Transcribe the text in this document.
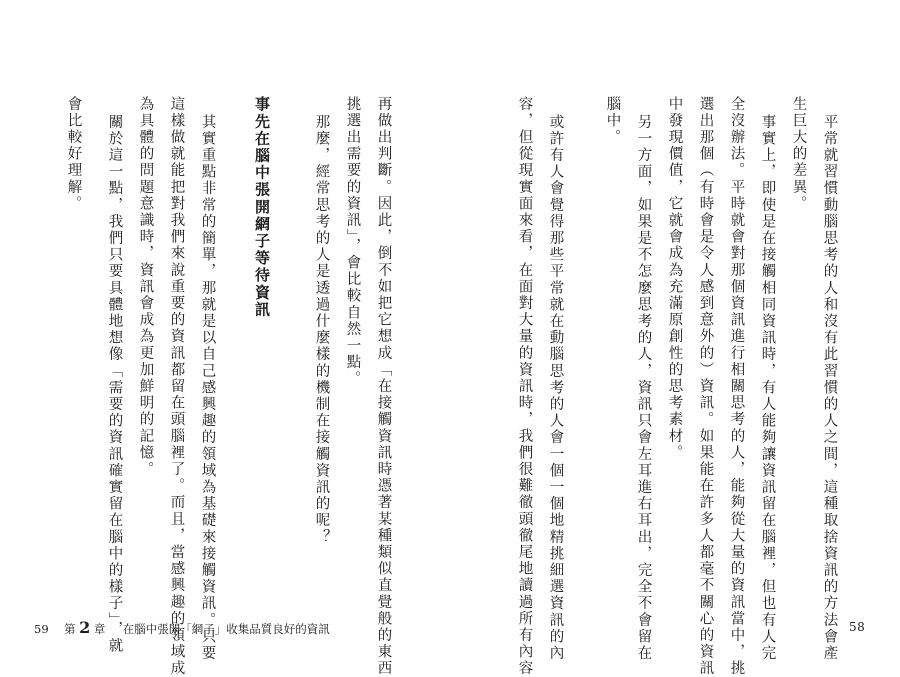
平常就習慣動腦思考的人和沒有此習慣的人之間，這種取捨資訊的方法會產
生巨大的差異。
事實上，即使是在接觸相同資訊時，有人能夠讓資訊留在腦裡，但也有人完
全沒辦法。平時就會對那個資訊進行相關思考的人，能夠從大量的資訊當中，挑
選出那個（有時會是令人感到意外的）資訊。如果能在許多人都毫不關心的資訊
中發現價值，它就會成為充滿原創性的思考素材。
另一方面，如果是不怎麼思考的人，資訊只會左耳進右耳出，完全不會留在
腦中。
或許有人會覺得那些平常就在動腦思考的人會一個一個地精挑細選資訊的內
容，但從現實面來看，在面對大量的資訊時，我們很難徹頭徹尾地讀過所有內容
再做出判斷。因此，倒不如把它想成「在接觸資訊時憑著某種類似直覺般的東西
挑選出需要的資訊」，會比較自然一點。
那麼，經常思考的人是透過什麼樣的機制在接觸資訊的呢？
事先在腦中張開網子等待資訊
其實重點非常的簡單，那就是以自己感興趣的領域為基礎來接觸資訊。只要
這樣做就能把對我們來說重要的資訊都留在頭腦裡了。而且，當感興趣的領域成
為具體的問題意識時，資訊會成為更加鮮明的記憶。
關於這一點，我們只要具體地想像「需要的資訊確實留在腦中的樣子」，就
會比較好理解。
59 第 2 章 在腦中張開「網子」收集品質良好的資訊	58
